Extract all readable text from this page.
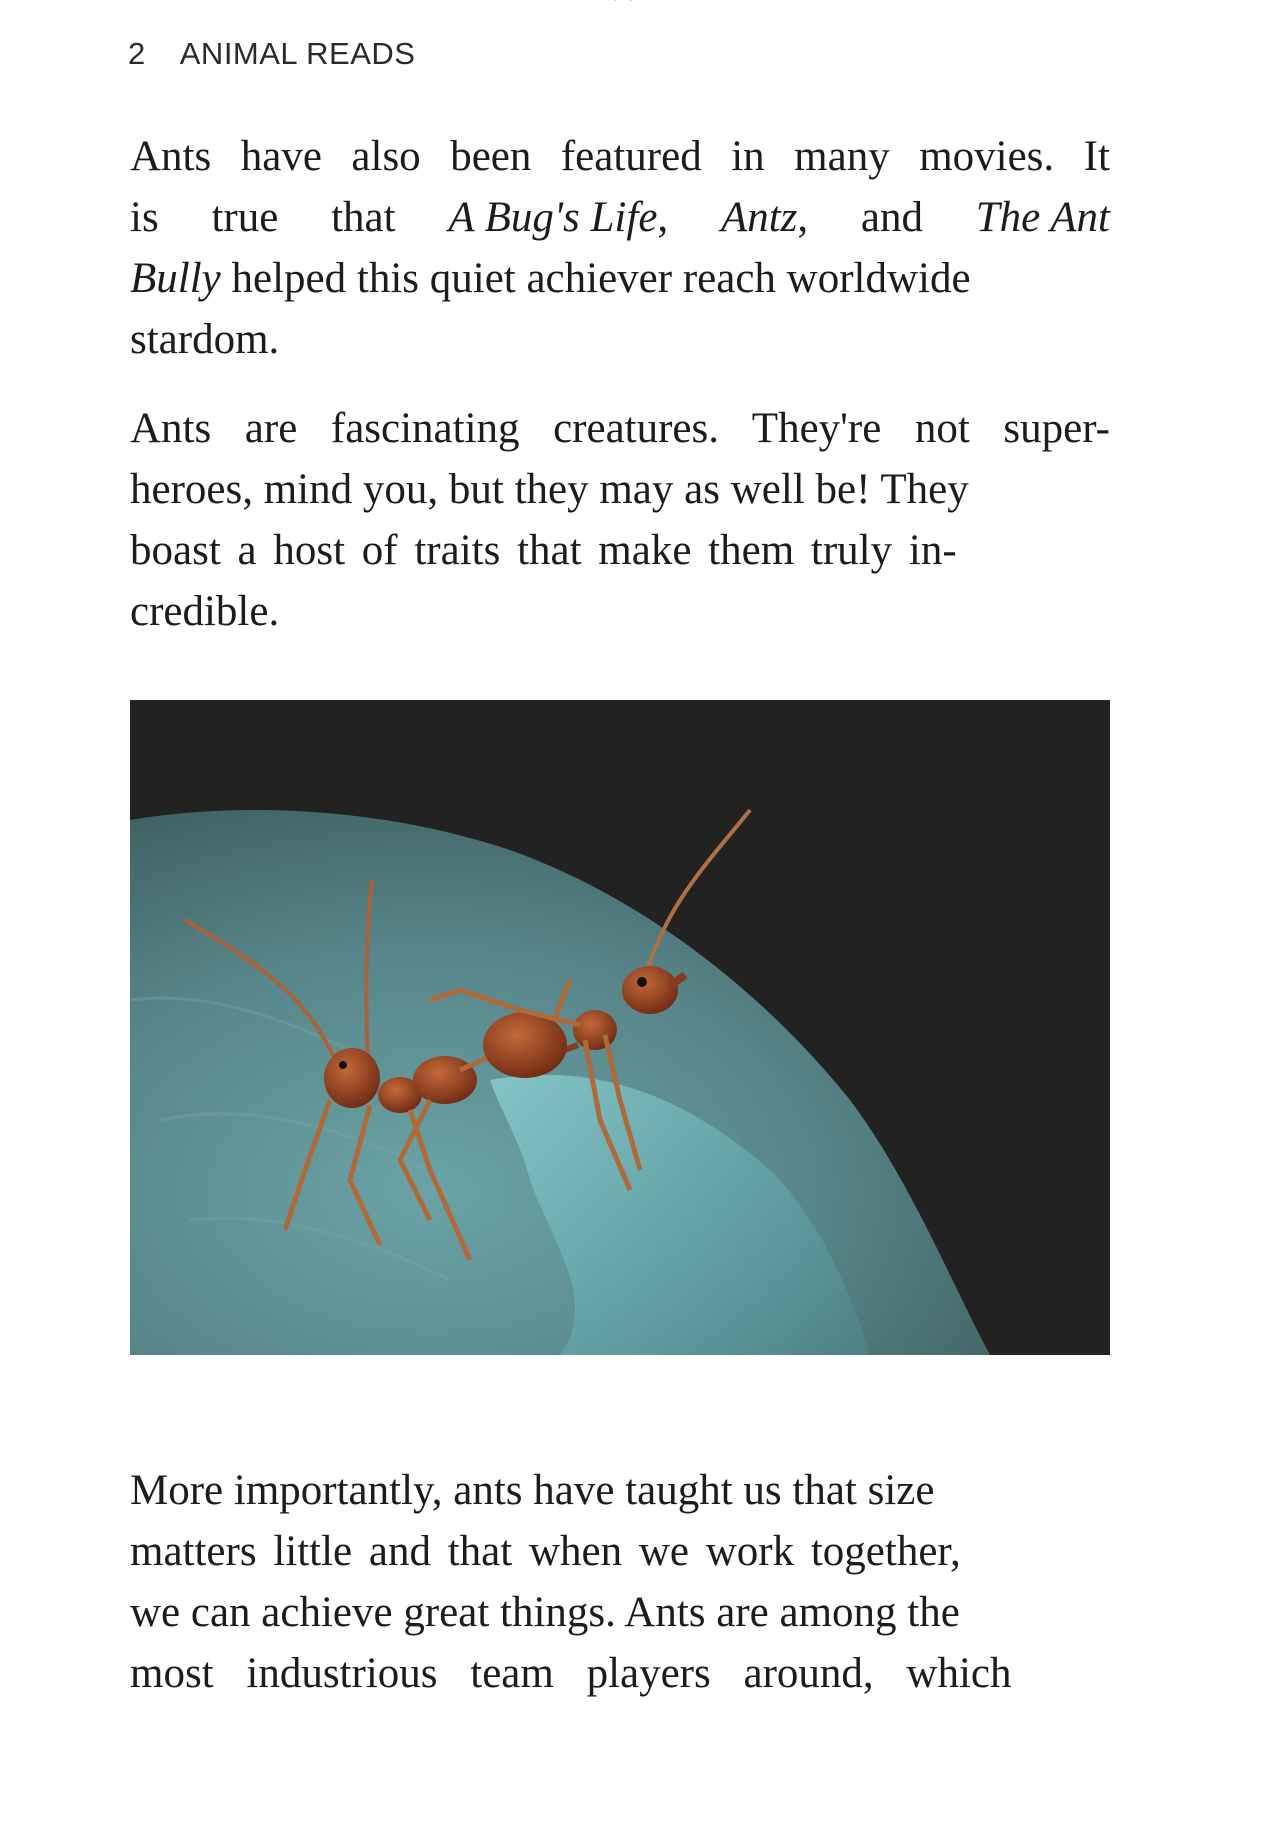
2 ANIMAL READS
Ants have also been featured in many movies. It
is true that A Bug's Life, Antz, and The Ant
Bully helped this quiet achiever reach worldwide
stardom.
Ants are fascinating creatures. They're not super-
heroes, mind you, but they may as well be! They
boast a host of traits that make them truly in-
credible.
More importantly, ants have taught us that size
matters little and that when we work together,
we can achieve great things. Ants are among the
most industrious team players around, which
